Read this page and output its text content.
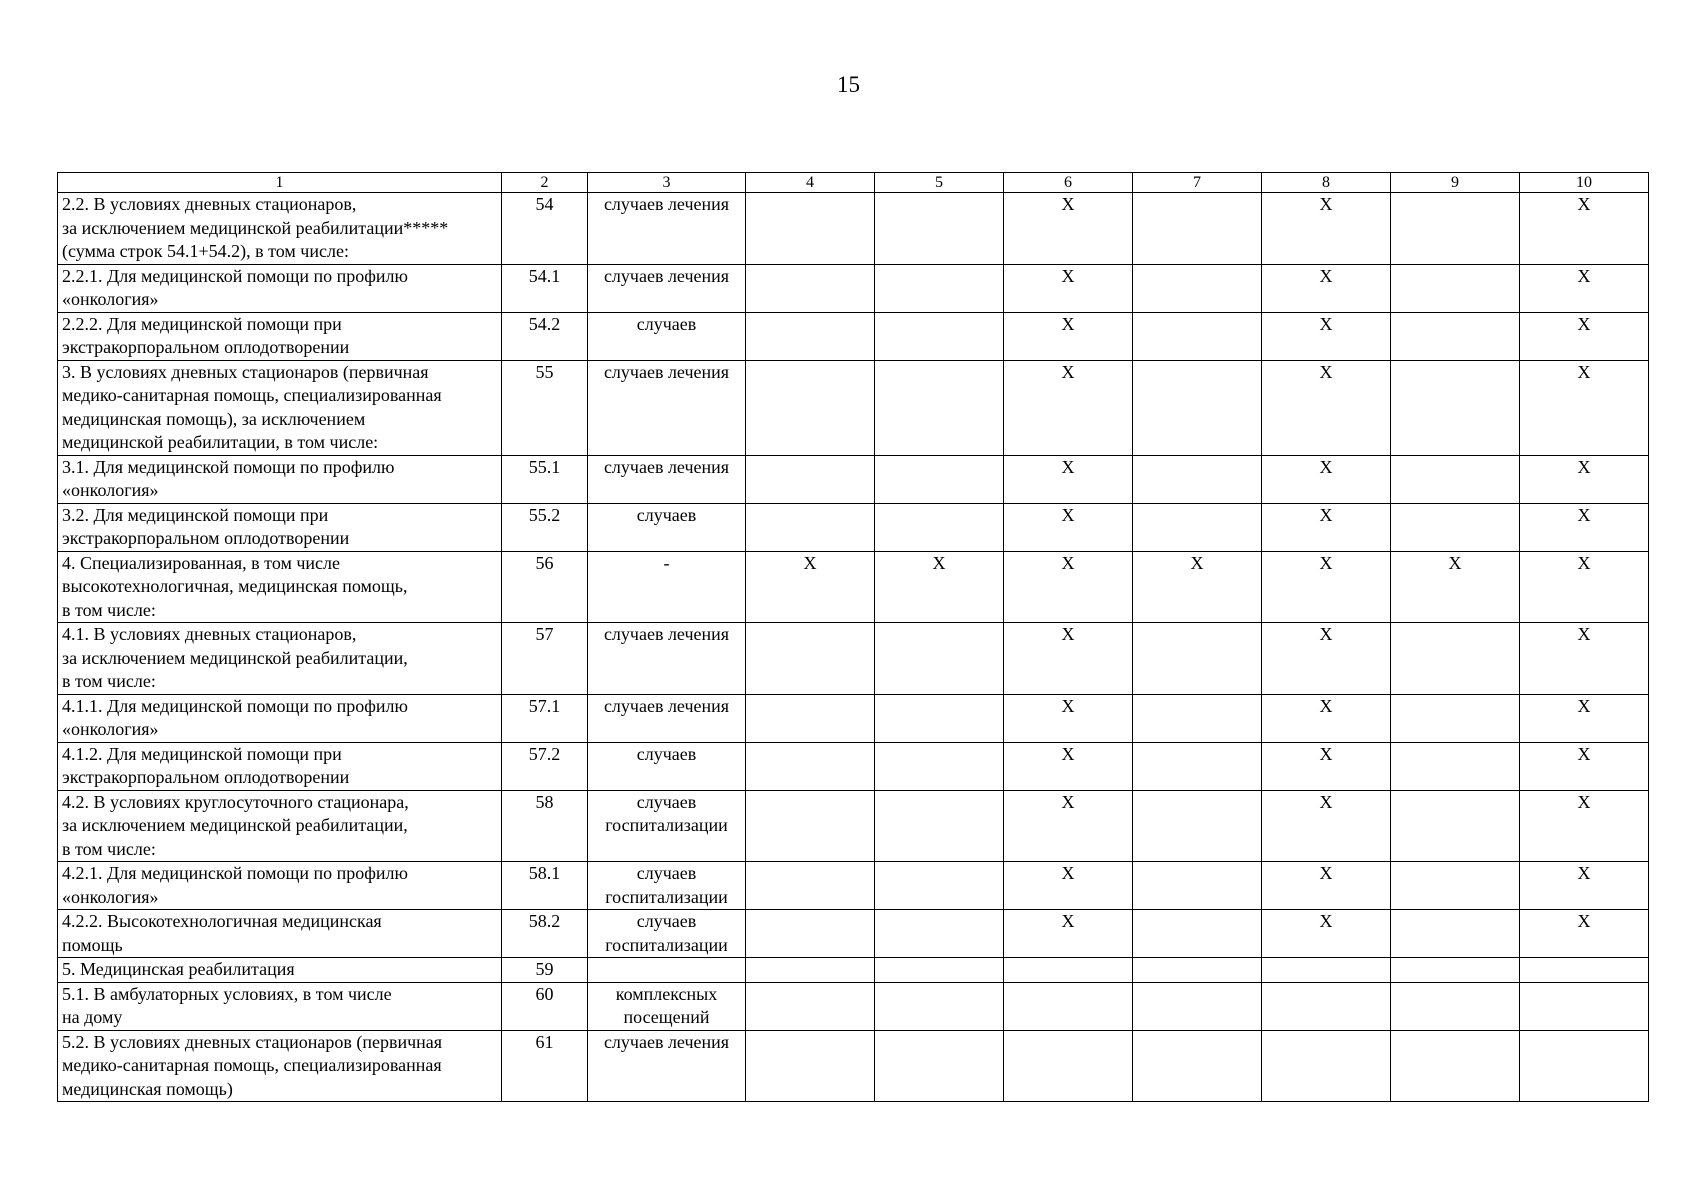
15
1	2	3	4	5	6	7	8	9	10
2.2. В условиях дневных стационаров,
за исключением медицинской реабилитации*****
(сумма строк 54.1+54.2), в том числе:	54	случаев лечения			X		X		X
2.2.1. Для медицинской помощи по профилю
«онкология»	54.1	случаев лечения			X		X		X
2.2.2. Для медицинской помощи при
экстракорпоральном оплодотворении	54.2	случаев			X		X		X
3. В условиях дневных стационаров (первичная
медико-санитарная помощь, специализированная
медицинская помощь), за исключением
медицинской реабилитации, в том числе:	55	случаев лечения			X		X		X
3.1. Для медицинской помощи по профилю
«онкология»	55.1	случаев лечения			X		X		X
3.2. Для медицинской помощи при
экстракорпоральном оплодотворении	55.2	случаев			X		X		X
4. Специализированная, в том числе
высокотехнологичная, медицинская помощь,
в том числе:	56	-	X	X	X	X	X	X	X
4.1. В условиях дневных стационаров,
за исключением медицинской реабилитации,
в том числе:	57	случаев лечения			X		X		X
4.1.1. Для медицинской помощи по профилю
«онкология»	57.1	случаев лечения			X		X		X
4.1.2. Для медицинской помощи при
экстракорпоральном оплодотворении	57.2	случаев			X		X		X
4.2. В условиях круглосуточного стационара,
за исключением медицинской реабилитации,
в том числе:	58	случаев
госпитализации			X		X		X
4.2.1. Для медицинской помощи по профилю
«онкология»	58.1	случаев
госпитализации			X		X		X
4.2.2. Высокотехнологичная медицинская
помощь	58.2	случаев
госпитализации			X		X		X
5. Медицинская реабилитация	59								
5.1. В амбулаторных условиях, в том числе
на дому	60	комплексных
посещений							
5.2. В условиях дневных стационаров (первичная
медико-санитарная помощь, специализированная
медицинская помощь)	61	случаев лечения							
